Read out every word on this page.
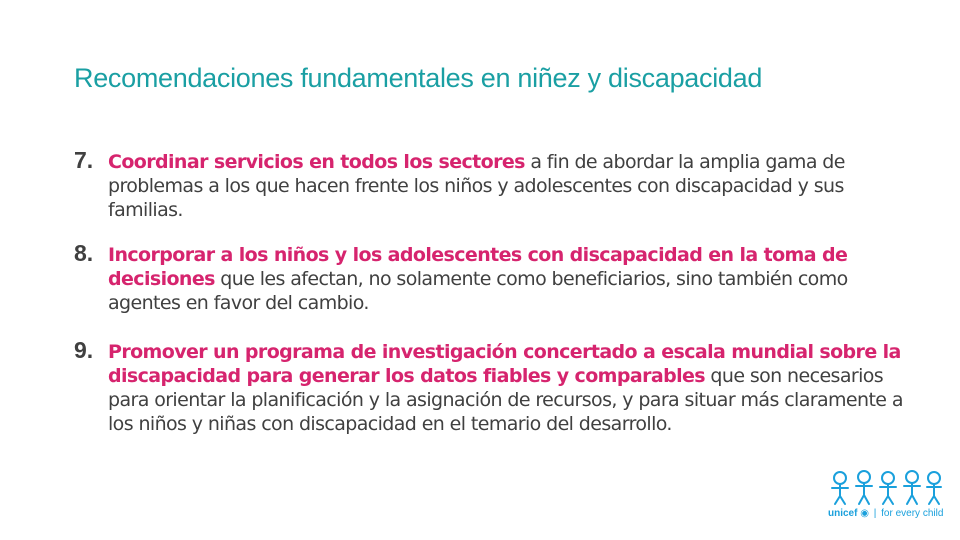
Recomendaciones fundamentales en niñez y discapacidad
7. Coordinar servicios en todos los sectores a fin de abordar la amplia gama de problemas a los que hacen frente los niños y adolescentes con discapacidad y sus familias.
8. Incorporar a los niños y los adolescentes con discapacidad en la toma de decisiones que les afectan, no solamente como beneficiarios, sino también como agentes en favor del cambio.
9. Promover un programa de investigación concertado a escala mundial sobre la discapacidad para generar los datos fiables y comparables que son necesarios para orientar la planificación y la asignación de recursos, y para situar más claramente a los niños y niñas con discapacidad en el temario del desarrollo.
unicef ◉ | for every child
